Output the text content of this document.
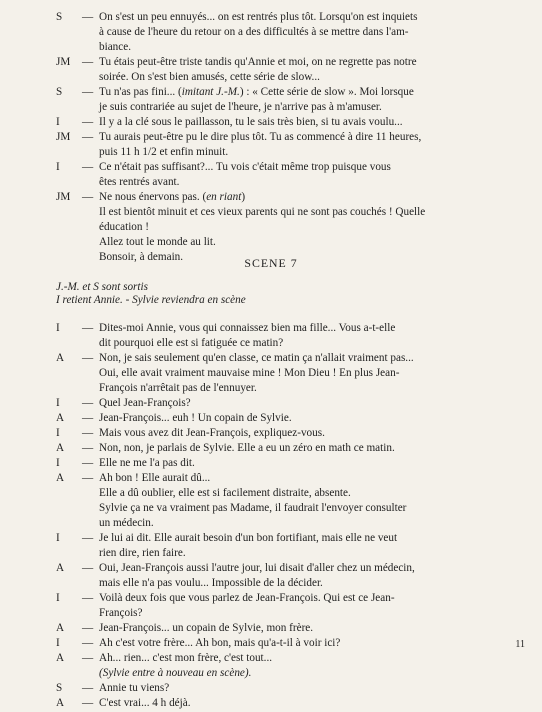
S	— On s'est un peu ennuyés... on est rentrés plus tôt. Lorsqu'on est inquiets
à cause de l'heure du retour on a des difficultés à se mettre dans l'am-
biance.
JM	— Tu étais peut-être triste tandis qu'Annie et moi, on ne regrette pas notre
soirée. On s'est bien amusés, cette série de slow...
S	— Tu n'as pas fini... (imitant J.-M.) : « Cette série de slow ». Moi lorsque
je suis contrariée au sujet de l'heure, je n'arrive pas à m'amuser.
I	— Il y a la clé sous le paillasson, tu le sais très bien, si tu avais voulu...
JM	— Tu aurais peut-être pu le dire plus tôt. Tu as commencé à dire 11 heures,
puis 11 h 1/2 et enfin minuit.
I	— Ce n'était pas suffisant?... Tu vois c'était même trop puisque vous
êtes rentrés avant.
JM	— Ne nous énervons pas. (en riant)
Il est bientôt minuit et ces vieux parents qui ne sont pas couchés ! Quelle
éducation !
Allez tout le monde au lit.
Bonsoir, à demain.	SCENE 7
J.-M. et S sont sortis
I retient Annie. - Sylvie reviendra en scène
I	— Dites-moi Annie, vous qui connaissez bien ma fille... Vous a-t-elle
dit pourquoi elle est si fatiguée ce matin?
A	— Non, je sais seulement qu'en classe, ce matin ça n'allait vraiment pas...
Oui, elle avait vraiment mauvaise mine ! Mon Dieu ! En plus Jean-
François n'arrêtait pas de l'ennuyer.
I	— Quel Jean-François?
A	— Jean-François... euh ! Un copain de Sylvie.
I	— Mais vous avez dit Jean-François, expliquez-vous.
A	— Non, non, je parlais de Sylvie. Elle a eu un zéro en math ce matin.
I	— Elle ne me l'a pas dit.
A	— Ah bon ! Elle aurait dû...
Elle a dû oublier, elle est si facilement distraite, absente.
Sylvie ça ne va vraiment pas Madame, il faudrait l'envoyer consulter
un médecin.
I	— Je lui ai dit. Elle aurait besoin d'un bon fortifiant, mais elle ne veut
rien dire, rien faire.
A	— Oui, Jean-François aussi l'autre jour, lui disait d'aller chez un médecin,
mais elle n'a pas voulu... Impossible de la décider.
I	— Voilà deux fois que vous parlez de Jean-François. Qui est ce Jean-
François?
A	— Jean-François... un copain de Sylvie, mon frère.
I	— Ah c'est votre frère... Ah bon, mais qu'a-t-il à voir ici?
A	— Ah... rien... c'est mon frère, c'est tout...
(Sylvie entre à nouveau en scène).
S	— Annie tu viens?
A	— C'est vrai... 4 h déjà.
11
